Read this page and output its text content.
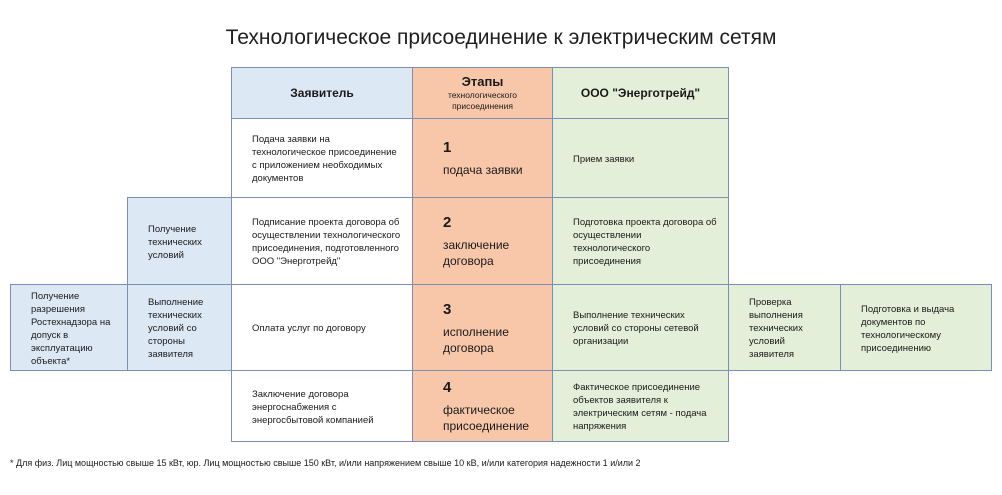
Технологическое присоединение к электрическим сетям
Заявитель
Этапы
технологического присоединения
ООО "Энерготрейд"
Подача заявки на технологическое присоединение с приложением необходимых документов
1
подача заявки
Прием заявки
Получение технических условий
Подписание проекта договора об осуществлении технологического присоединения, подготовленного ООО "Энерготрейд"
2
заключение договора
Подготовка проекта договора об осуществлении технологического присоединения
Получение разрешения Ростехнадзора на допуск в эксплуатацию объекта*
Выполнение технических условий со стороны заявителя
Оплата услуг по договору
3
исполнение договора
Выполнение технических условий со стороны сетевой организации
Проверка выполнения технических условий заявителя
Подготовка и выдача документов по технологическому присоединению
Заключение договора энергоснабжения с энергосбытовой компанией
4
фактическое присоединение
Фактическое присоединение объектов заявителя к электрическим сетям - подача напряжения
* Для физ. Лиц мощностью свыше 15 кВт, юр. Лиц мощностью свыше 150 кВт, и/или напряжением свыше 10 кВ, и/или категория надежности 1 и/или 2
